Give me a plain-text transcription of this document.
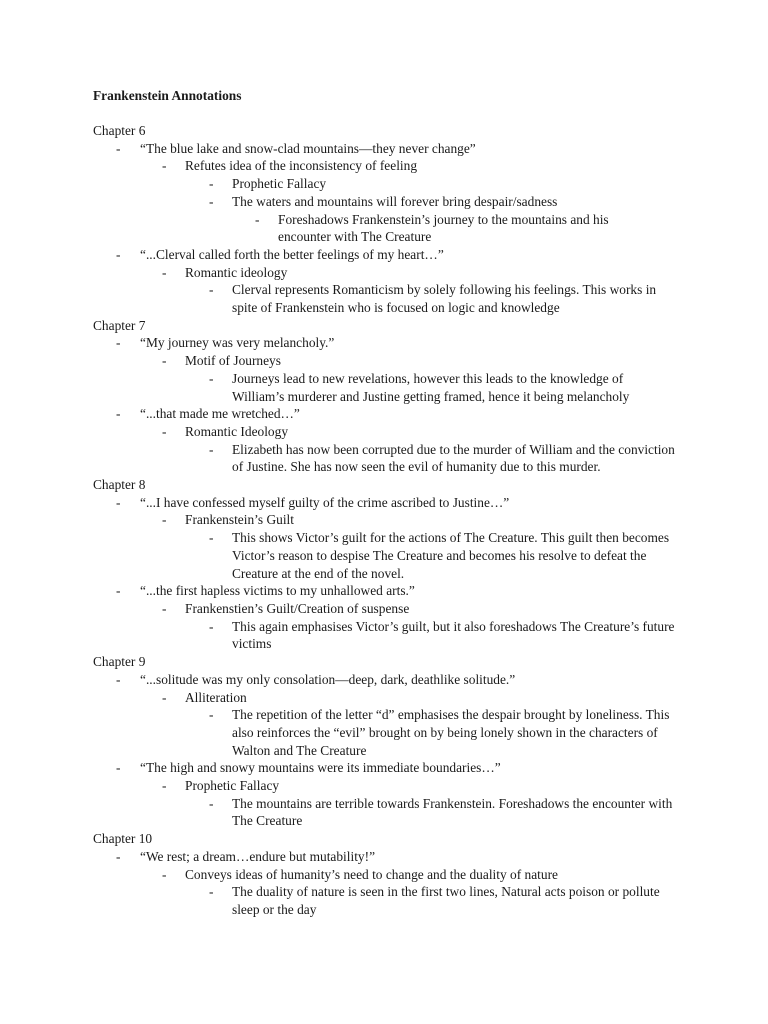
Frankenstein Annotations
Chapter 6
- “The blue lake and snow-clad mountains—they never change”
- Refutes idea of the inconsistency of feeling
- Prophetic Fallacy
- The waters and mountains will forever bring despair/sadness
- Foreshadows Frankenstein’s journey to the mountains and his encounter with The Creature
- “...Clerval called forth the better feelings of my heart…”
- Romantic ideology
- Clerval represents Romanticism by solely following his feelings. This works in spite of Frankenstein who is focused on logic and knowledge
Chapter 7
- “My journey was very melancholy.”
- Motif of Journeys
- Journeys lead to new revelations, however this leads to the knowledge of William’s murderer and Justine getting framed, hence it being melancholy
- “...that made me wretched…”
- Romantic Ideology
- Elizabeth has now been corrupted due to the murder of William and the conviction of Justine. She has now seen the evil of humanity due to this murder.
Chapter 8
- “...I have confessed myself guilty of the crime ascribed to Justine…”
- Frankenstein’s Guilt
- This shows Victor’s guilt for the actions of The Creature. This guilt then becomes Victor’s reason to despise The Creature and becomes his resolve to defeat the Creature at the end of the novel.
- “...the first hapless victims to my unhallowed arts.”
- Frankenstien’s Guilt/Creation of suspense
- This again emphasises Victor’s guilt, but it also foreshadows The Creature’s future victims
Chapter 9
- “...solitude was my only consolation—deep, dark, deathlike solitude.”
- Alliteration
- The repetition of the letter “d” emphasises the despair brought by loneliness. This also reinforces the “evil” brought on by being lonely shown in the characters of Walton and The Creature
- “The high and snowy mountains were its immediate boundaries…”
- Prophetic Fallacy
- The mountains are terrible towards Frankenstein. Foreshadows the encounter with The Creature
Chapter 10
- “We rest; a dream…endure but mutability!”
- Conveys ideas of humanity’s need to change and the duality of nature
- The duality of nature is seen in the first two lines, Natural acts poison or pollute sleep or the day
